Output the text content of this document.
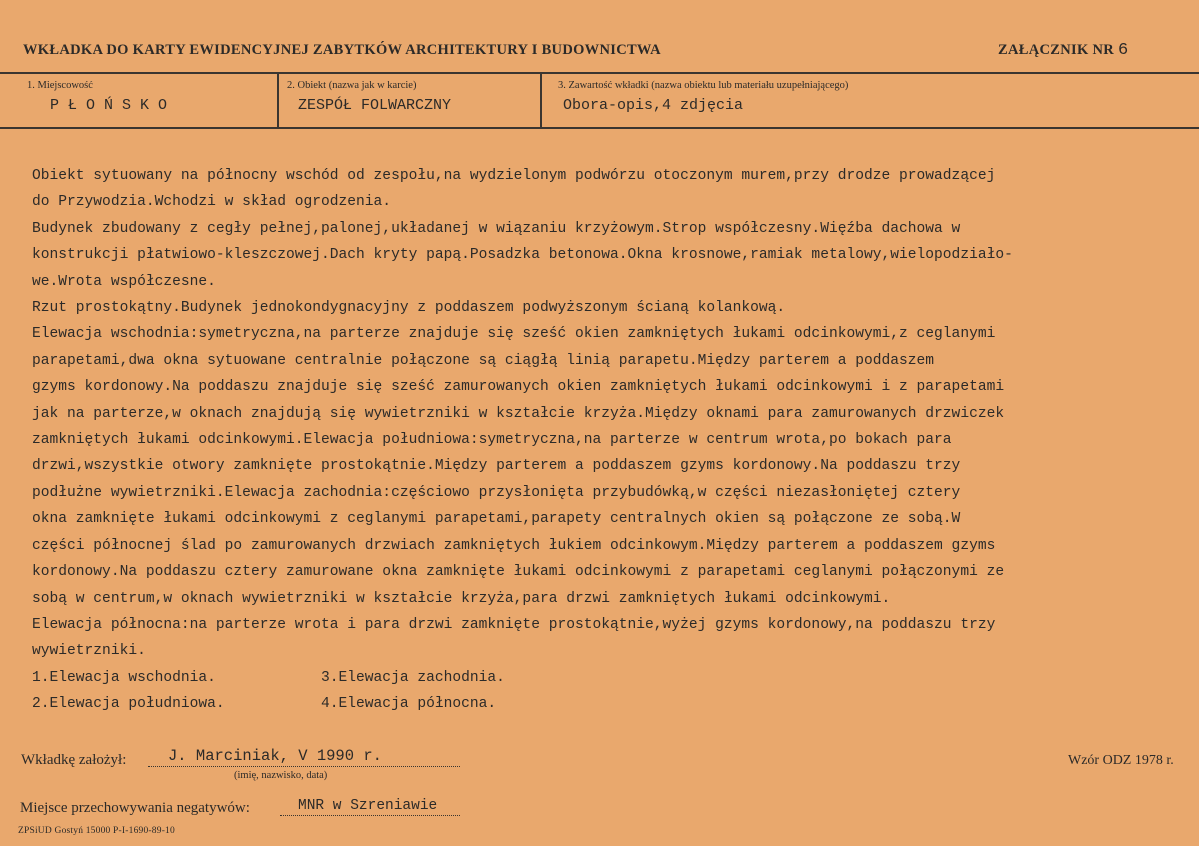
WKŁADKA DO KARTY EWIDENCYJNEJ ZABYTKÓW ARCHITEKTURY I BUDOWNICTWA	ZAŁĄCZNIK NR 6
1. Miejscowość	2. Obiekt (nazwa jak w karcie)	3. Zawartość wkładki (nazwa obiektu lub materiału uzupełniającego)
PŁOŃSKO	ZESPÓŁ FOLWARCZNY	Obora-opis,4 zdjęcia

Obiekt sytuowany na północny wschód od zespołu,na wydzielonym podwórzu otoczonym murem,przy drodze prowadzącej

do Przywodzia.Wchodzi w skład ogrodzenia.

Budynek zbudowany z cegły pełnej,palonej,układanej w wiązaniu krzyżowym.Strop współczesny.Więźba dachowa w

konstrukcji płatwiowo-kleszczowej.Dach kryty papą.Posadzka betonowa.Okna krosnowe,ramiak metalowy,wielopodziało-

we.Wrota współczesne.

Rzut prostokątny.Budynek jednokondygnacyjny z poddaszem podwyższonym ścianą kolankową.

Elewacja wschodnia:symetryczna,na parterze znajduje się sześć okien zamkniętych łukami odcinkowymi,z ceglanymi

parapetami,dwa okna sytuowane centralnie połączone są ciągłą linią parapetu.Między parterem a poddaszem

gzyms kordonowy.Na poddaszu znajduje się sześć zamurowanych okien zamkniętych łukami odcinkowymi i z parapetami

jak na parterze,w oknach znajdują się wywietrzniki w kształcie krzyża.Między oknami para zamurowanych drzwiczek

zamkniętych łukami odcinkowymi.Elewacja południowa:symetryczna,na parterze w centrum wrota,po bokach para

drzwi,wszystkie otwory zamknięte prostokątnie.Między parterem a poddaszem gzyms kordonowy.Na poddaszu trzy

podłużne wywietrzniki.Elewacja zachodnia:częściowo przysłonięta przybudówką,w części niezasłoniętej cztery

okna zamknięte łukami odcinkowymi z ceglanymi parapetami,parapety centralnych okien są połączone ze sobą.W

części północnej ślad po zamurowanych drzwiach zamkniętych łukiem odcinkowym.Między parterem a poddaszem gzyms

kordonowy.Na poddaszu cztery zamurowane okna zamknięte łukami odcinkowymi z parapetami ceglanymi połączonymi ze

sobą w centrum,w oknach wywietrzniki w kształcie krzyża,para drzwi zamkniętych łukami odcinkowymi.

Elewacja północna:na parterze wrota i para drzwi zamknięte prostokątnie,wyżej gzyms kordonowy,na poddaszu trzy

wywietrzniki.

1.Elewacja wschodnia.            3.Elewacja zachodnia.

2.Elewacja południowa.           4.Elewacja północna.

Wkładkę założył:	J. Marciniak, V 1990 r.
(imię, nazwisko, data)
Wzór ODZ 1978 r.
Miejsce przechowywania negatywów:	MNR w Szreniawie
ZPSiUD Gostyń 15000 P-I-1690-89-10
